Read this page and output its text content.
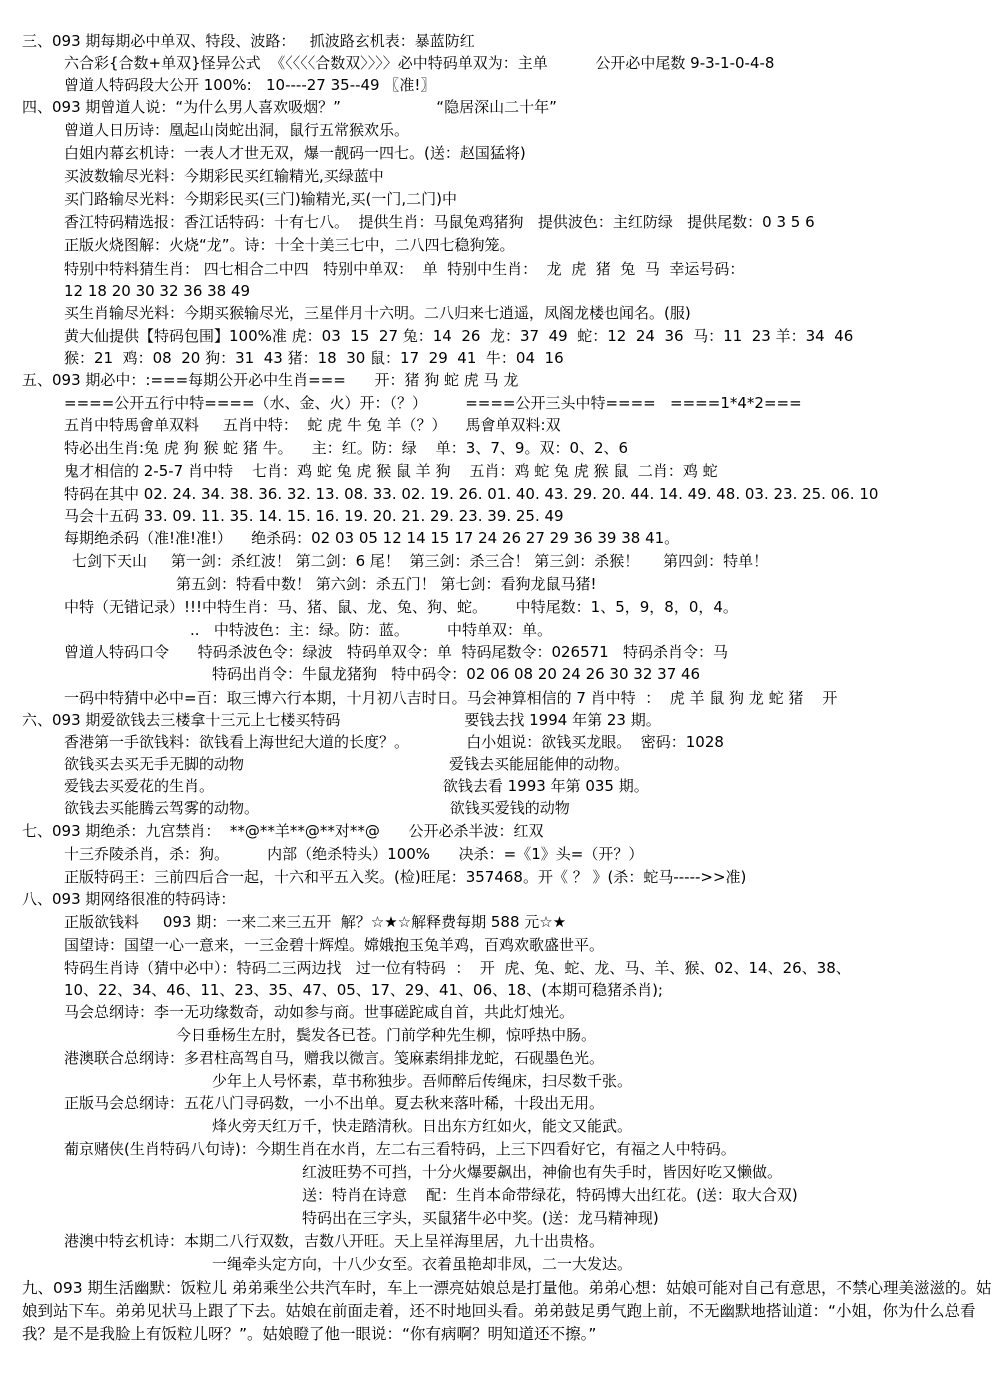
三、093 期每期必中单双、特段、波路：   抓波路玄机表：暴蓝防红
六合彩{合数+单双}怪异公式  《〈〈〈〈合数双〉〉〉〉必中特码单双为：主单          公开必中尾数 9-3-1-0-4-8
曾道人特码段大公开 100%:   10----27 35--49 〖准!〗
四、093 期曾道人说：“为什么男人喜欢吸烟？”                    “隐居深山二十年”
曾道人日历诗：凰起山岗蛇出洞，鼠行五常猴欢乐。
白姐内幕玄机诗：一表人才世无双，爆一靓码一四七。(送：赵国猛将)
买波数输尽光料：今期彩民买红输精光,买绿蓝中
买门路输尽光料：今期彩民买(三门)输精光,买(一门,二门)中
香江特码精选报：香江话特码：十有七八。  提供生肖：马鼠兔鸡猪狗   提供波色：主红防绿   提供尾数：0 3 5 6
正版火烧图解：火烧“龙”。诗：十全十美三七中，二八四七稳狗笼。
特别中特料猜生肖： 四七相合二中四   特别中单双：  单  特别中生肖：  龙  虎  猪  兔  马  幸运号码：
12 18 20 30 32 36 38 49
买生肖输尽光料：今期买猴输尽光，三星伴月十六明。二八归来七逍遥，凤阁龙楼也闻名。(服)
黄大仙提供【特码包围】100%准 虎：03  15  27 兔：14  26  龙：37  49  蛇：12  24  36  马：11  23 羊：34  46
猴：21  鸡：08  20 狗：31  43 猪：18  30 鼠：17  29  41  牛：04  16
五、093 期必中：:===每期公开必中生肖===      开：猪 狗 蛇 虎 马 龙
====公开五行中特====（水、金、火）开：（？）        ====公开三头中特====   ====1*4*2===
五肖中特馬會单双料     五肖中特：  蛇 虎 牛 兔 羊（？）    馬會单双料:双
特必出生肖:兔 虎 狗 猴 蛇 猪 牛。    主：红。防：绿    单：3、7、9。双：0、2、6
鬼才相信的 2-5-7 肖中特    七肖：鸡 蛇 兔 虎 猴 鼠 羊 狗    五肖：鸡 蛇 兔 虎 猴 鼠  二肖：鸡 蛇
特码在其中 02. 24. 34. 38. 36. 32. 13. 08. 33. 02. 19. 26. 01. 40. 43. 29. 20. 44. 14. 49. 48. 03. 23. 25. 06. 10
马会十五码 33. 09. 11. 35. 14. 15. 16. 19. 20. 21. 29. 23. 39. 25. 49
每期绝杀码（准!准!准!）    绝杀码：02 03 05 12 14 15 17 24 26 27 29 36 39 38 41。
七剑下天山     第一剑：杀红波！ 第二剑：6 尾！  第三剑：杀三合！ 第三剑：杀猴！     第四剑：特单！
第五剑：特看中数！ 第六剑：杀五门！ 第七剑：看狗龙鼠马猪!
中特（无错记录）!!!中特生肖：马、猪、鼠、龙、兔、狗、蛇。      中特尾数：1、5，9，8，0，4。
..   中特波色：主：绿。防：蓝。        中特单双：单。
曾道人特码口令      特码杀波色令：绿波   特码单双令：单  特码尾数令：026571   特码杀肖令：马
特码出肖令：牛鼠龙猪狗   特中码令：02 06 08 20 24 26 30 32 37 46
一码中特猜中必中=百：取三博六行本期，十月初八吉时日。马会神算相信的 7 肖中特  ：  虎 羊 鼠 狗 龙 蛇 猪    开
六、093 期爱欲钱去三楼拿十三元上七楼买特码                          要钱去找 1994 年第 23 期。
香港第一手欲钱料：欲钱看上海世纪大道的长度？。            白小姐说：欲钱买龙眼。  密码：1028
欲钱买去买无手无脚的动物                                           爱钱去买能屈能伸的动物。
爱钱去买爱花的生肖。                                                欲钱去看 1993 年第 035 期。
欲钱去买能腾云驾雾的动物。                                        欲钱买爱钱的动物
七、093 期绝杀：九宫禁肖：  **@**羊**@**对**@      公开必杀半波：红双
十三乔陵杀肖，杀：狗。        内部（绝杀特头）100%      决杀：=《1》头=（开？）
正版特码王：三前四后合一起，十六和平五入奖。(检)旺尾：357468。开《 ？ 》(杀：蛇马----->>准)
八、093 期网络很准的特码诗：
正版欲钱料     093 期：一来二来三五开  解？☆★☆解释费每期 588 元☆★
国望诗：国望一心一意来，一三金碧十辉煌。嫦娥抱玉兔羊鸡，百鸡欢歌盛世平。
特码生肖诗（猜中必中）：特码二三两边找   过一位有特码  ：  开  虎、兔、蛇、龙、马、羊、猴、02、14、26、38、
10、22、34、46、11、23、35、47、05、17、29、41、06、18、(本期可稳猪杀肖);
马会总纲诗：李一无功缘数奇，动如参与商。世事磋跎咸自首，共此灯烛光。
今日垂杨生左肘，鬓发各已苍。门前学种先生柳，惊呼热中肠。
港澳联合总纲诗：多君柱高驾自马，赠我以微言。笺麻素绢排龙蛇，石砚墨色光。
少年上人号怀素，草书称独步。吾师醉后传绳床，扫尽数千张。
正版马会总纲诗：五花八门寻码数，一小不出单。夏去秋来落叶稀，十段出无用。
烽火旁天红万千，快走踏清秋。日出东方红如火，能文又能武。
葡京赌侠(生肖特码八句诗)：今期生肖在水肖，左二右三看特码，上三下四看好它，有福之人中特码。
红波旺势不可挡，十分火爆要飙出，神偷也有失手时，皆因好吃又懒做。
送：特肖在诗意    配：生肖本命带绿花，特码博大出红花。(送：取大合双)
特码出在三字头，买鼠猪牛必中奖。(送：龙马精神现)
港澳中特玄机诗：本期二八行双数，吉数八开旺。天上呈祥海里居，九十出贵格。
一绳牵头定方向，十八少女至。衣着虽艳却非凤，二一大发达。
九、093 期生活幽默：饭粒儿 弟弟乘坐公共汽车时，车上一漂亮姑娘总是打量他。弟弟心想：姑娘可能对自己有意思，不禁心理美滋滋的。姑娘到站下车。弟弟见状马上跟了下去。姑娘在前面走着，还不时地回头看。弟弟鼓足勇气跑上前，不无幽默地搭讪道：“小姐，你为什么总看我？是不是我脸上有饭粒儿呀？”。姑娘瞪了他一眼说：“你有病啊？明知道还不擦。”
